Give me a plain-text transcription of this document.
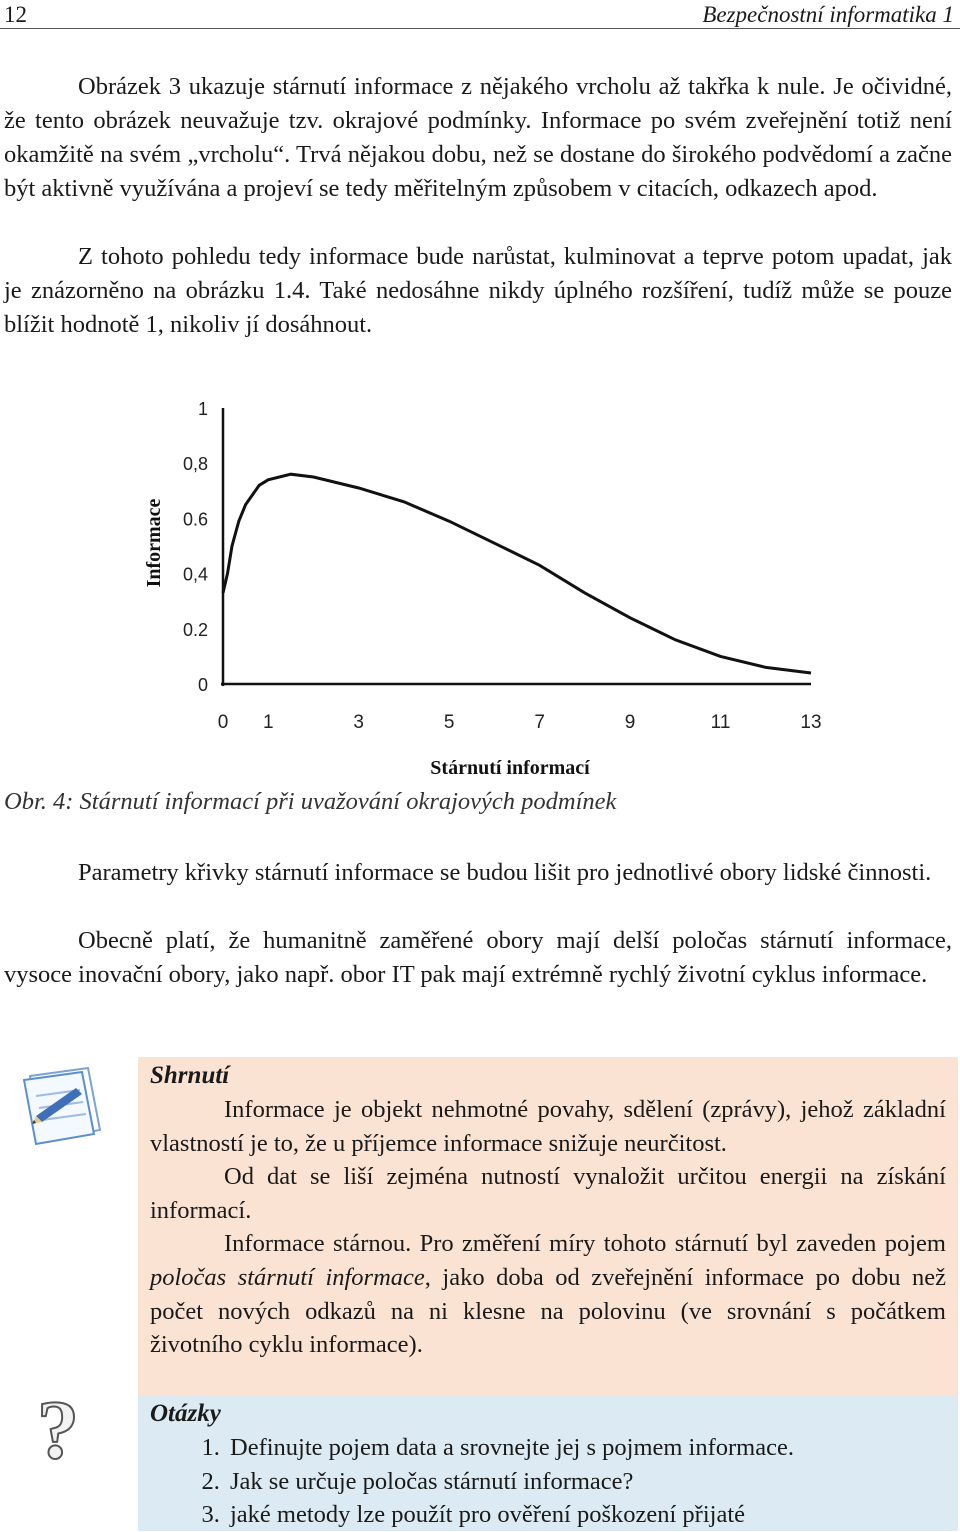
12	Bezpečnostní informatika 1

Obrázek 3 ukazuje stárnutí informace z nějakého vrcholu až takřka k nule. Je očividné, že tento obrázek neuvažuje tzv. okrajové podmínky. Informace po svém zveřejnění totiž není okamžitě na svém „vrcholu“. Trvá nějakou dobu, než se dostane do širokého podvědomí a začne být aktivně využívána a projeví se tedy měřitelným způsobem v citacích, odkazech apod.

Z tohoto pohledu tedy informace bude narůstat, kulminovat a teprve potom upadat, jak je znázorněno na obrázku 1.4. Také nedosáhne nikdy úplného rozšíření, tudíž může se pouze blížit hodnotě 1, nikoliv jí dosáhnout.

1
0,8
0.6
0,4
0.2
0
0 1	3	5	7	9	11	13
Informace
Stárnutí informací
Obr. 4: Stárnutí informací při uvažování okrajových podmínek

Parametry křivky stárnutí informace se budou lišit pro jednotlivé obory lidské činnosti.

Obecně platí, že humanitně zaměřené obory mají delší poločas stárnutí informace, vysoce inovační obory, jako např. obor IT pak mají extrémně rychlý životní cyklus informace.

Shrnutí

Informace je objekt nehmotné povahy, sdělení (zprávy), jehož základní vlastností je to, že u příjemce informace snižuje neurčitost.

Od dat se liší zejména nutností vynaložit určitou energii na získání informací.

Informace stárnou. Pro změření míry tohoto stárnutí byl zaveden pojem poločas stárnutí informace, jako doba od zveřejnění informace po dobu než počet nových odkazů na ni klesne na polovinu (ve srovnání s počátkem životního cyklu informace).

?	Otázky
1. Definujte pojem data a srovnejte jej s pojmem informace.
2. Jak se určuje poločas stárnutí informace?
3. jaké metody lze použít pro ověření poškození přijaté
